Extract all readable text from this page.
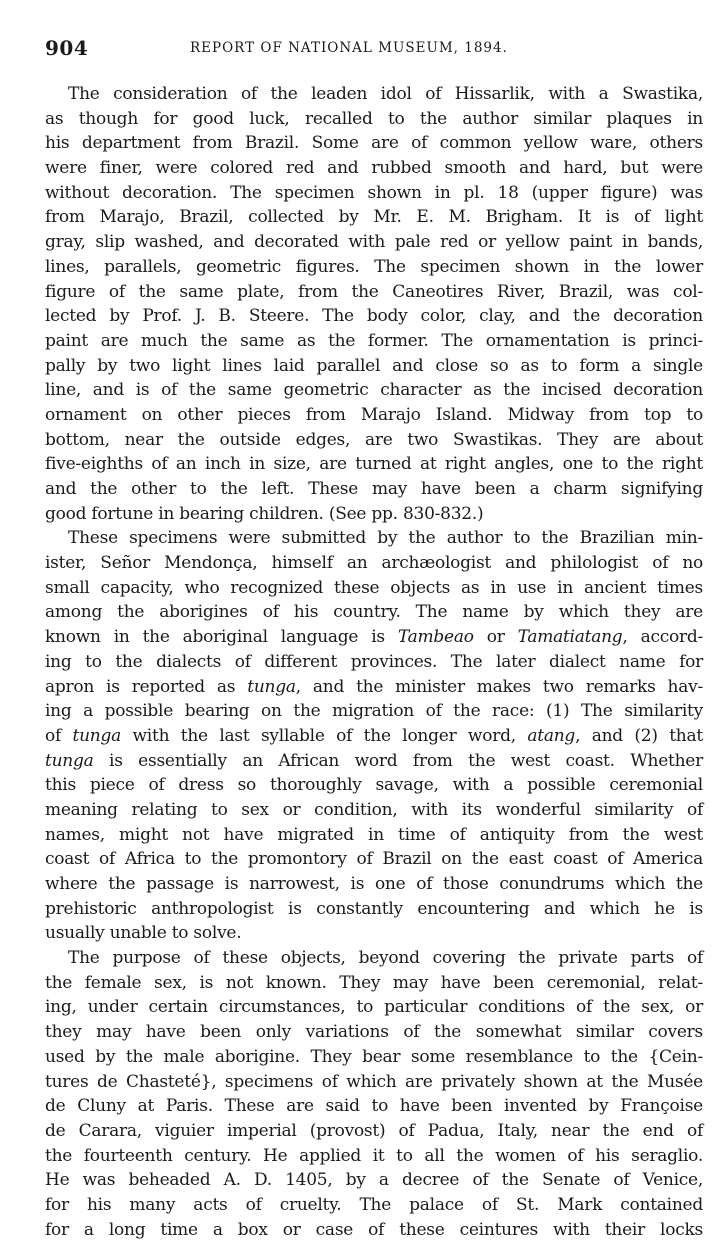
904	REPORT OF NATIONAL MUSEUM, 1894.
The consideration of the leaden idol of Hissarlik, with a Swastika,
as though for good luck, recalled to the author similar plaques in
his department from Brazil. Some are of common yellow ware, others
were finer, were colored red and rubbed smooth and hard, but were
without decoration. The specimen shown in pl. 18 (upper figure) was
from Marajo, Brazil, collected by Mr. E. M. Brigham. It is of light
gray, slip washed, and decorated with pale red or yellow paint in bands,
lines, parallels, geometric figures. The specimen shown in the lower
figure of the same plate, from the Caneotires River, Brazil, was col-
lected by Prof. J. B. Steere. The body color, clay, and the decoration
paint are much the same as the former. The ornamentation is princi-
pally by two light lines laid parallel and close so as to form a single
line, and is of the same geometric character as the incised decoration
ornament on other pieces from Marajo Island. Midway from top to
bottom, near the outside edges, are two Swastikas. They are about
five-eighths of an inch in size, are turned at right angles, one to the right
and the other to the left. These may have been a charm signifying
good fortune in bearing children. (See pp. 830-832.)
These specimens were submitted by the author to the Brazilian min-
ister, Señor Mendonça, himself an archæologist and philologist of no
small capacity, who recognized these objects as in use in ancient times
among the aborigines of his country. The name by which they are
known in the aboriginal language is Tambeao or Tamatiatang, accord-
ing to the dialects of different provinces. The later dialect name for
apron is reported as tunga, and the minister makes two remarks hav-
ing a possible bearing on the migration of the race: (1) The similarity
of tunga with the last syllable of the longer word, atang, and (2) that
tunga is essentially an African word from the west coast. Whether
this piece of dress so thoroughly savage, with a possible ceremonial
meaning relating to sex or condition, with its wonderful similarity of
names, might not have migrated in time of antiquity from the west
coast of Africa to the promontory of Brazil on the east coast of America
where the passage is narrowest, is one of those conundrums which the
prehistoric anthropologist is constantly encountering and which he is
usually unable to solve.
The purpose of these objects, beyond covering the private parts of
the female sex, is not known. They may have been ceremonial, relat-
ing, under certain circumstances, to particular conditions of the sex, or
they may have been only variations of the somewhat similar covers
used by the male aborigine. They bear some resemblance to the {Cein-
tures de Chasteté}, specimens of which are privately shown at the Musée
de Cluny at Paris. These are said to have been invented by Françoise
de Carara, viguier imperial (provost) of Padua, Italy, near the end of
the fourteenth century. He applied it to all the women of his seraglio.
He was beheaded A. D. 1405, by a decree of the Senate of Venice,
for his many acts of cruelty. The palace of St. Mark contained
for a long time a box or case of these ceintures with their locks
